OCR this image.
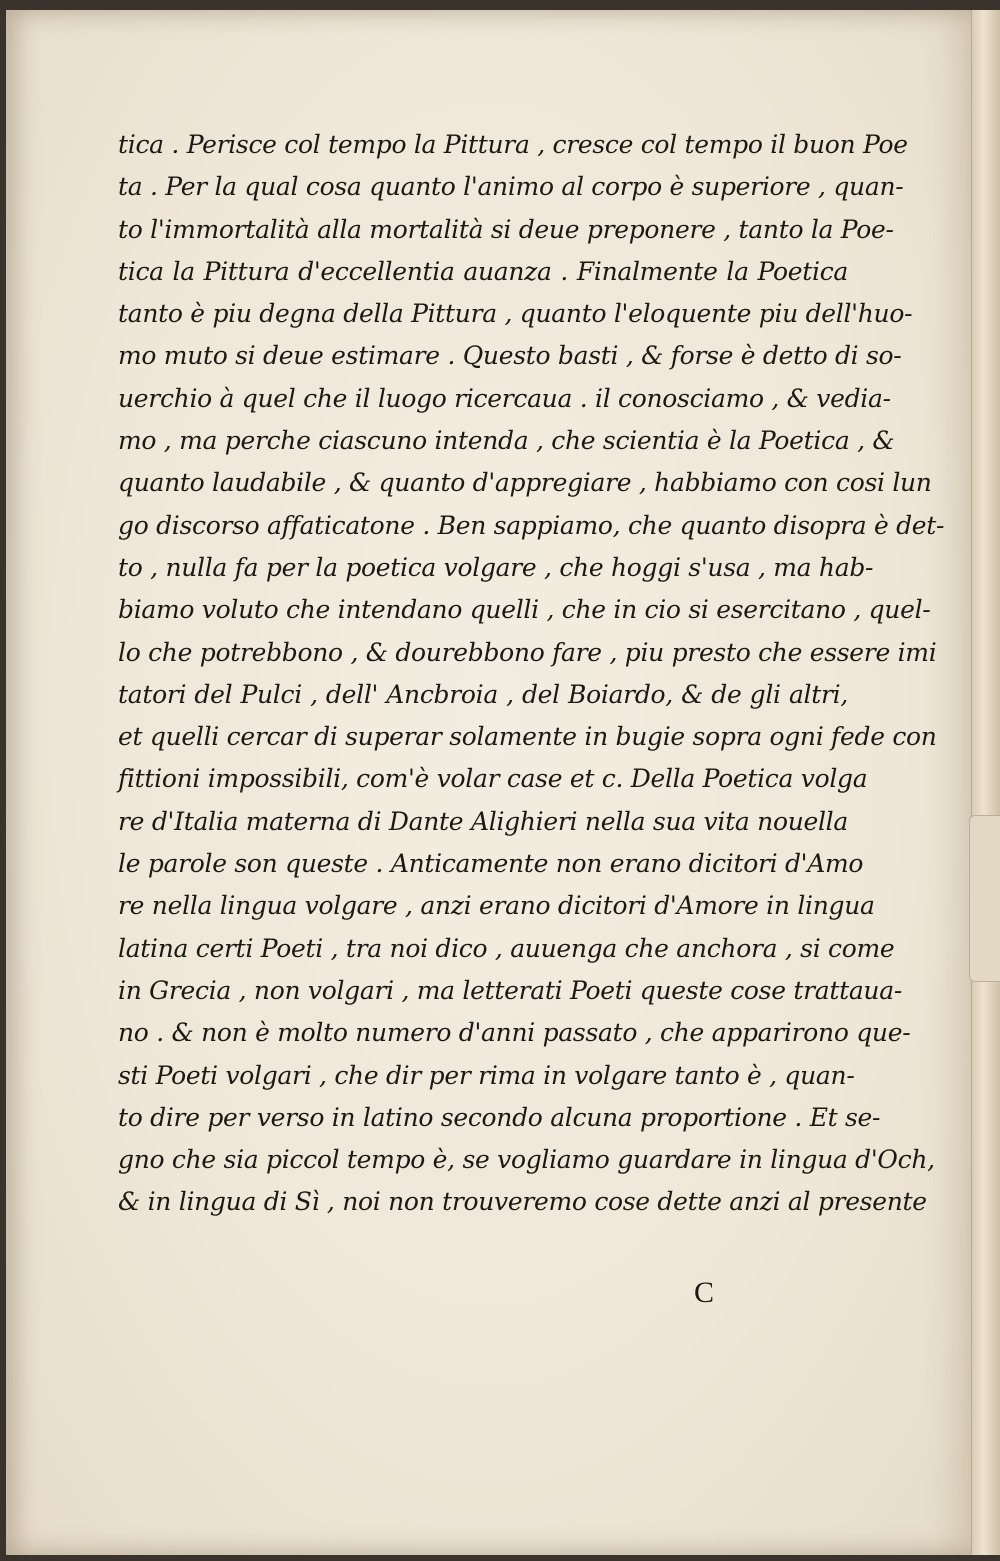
tica . Perisce col tempo la Pittura , cresce col tempo il buon Poe
ta . Per la qual cosa quanto l'animo al corpo è superiore , quan-
to l'immortalità alla mortalità si deue preponere , tanto la Poe-
tica la Pittura d'eccellentia auanza . Finalmente la Poetica
tanto è piu degna della Pittura , quanto l'eloquente piu dell'huo-
mo muto si deue estimare . Questo basti , & forse è detto di so-
uerchio à quel che il luogo ricercaua . il conosciamo , & vedia-
mo , ma perche ciascuno intenda , che scientia è la Poetica , &
quanto laudabile , & quanto d'appregiare , habbiamo con cosi lun
go discorso affaticatone . Ben sappiamo, che quanto disopra è det-
to , nulla fa per la poetica volgare , che hoggi s'usa , ma hab-
biamo voluto che intendano quelli , che in cio si esercitano , quel-
lo che potrebbono , & dourebbono fare , piu presto che essere imi
tatori del Pulci , dell' Ancbroia , del Boiardo, & de gli altri,
et quelli cercar di superar solamente in bugie sopra ogni fede con
fittioni impossibili, com'è volar case et c. Della Poetica volga
re d'Italia materna di Dante Alighieri nella sua vita nouella
le parole son queste . Anticamente non erano dicitori d'Amo
re nella lingua volgare , anzi erano dicitori d'Amore in lingua
latina certi Poeti , tra noi dico , auuenga che anchora , si come
in Grecia , non volgari , ma letterati Poeti queste cose trattaua-
no . & non è molto numero d'anni passato , che apparirono que-
sti Poeti volgari , che dir per rima in volgare tanto è , quan-
to dire per verso in latino secondo alcuna proportione . Et se-
gno che sia piccol tempo è, se vogliamo guardare in lingua d'Och,
& in lingua di Sì , noi non trouveremo cose dette anzi al presente
C
